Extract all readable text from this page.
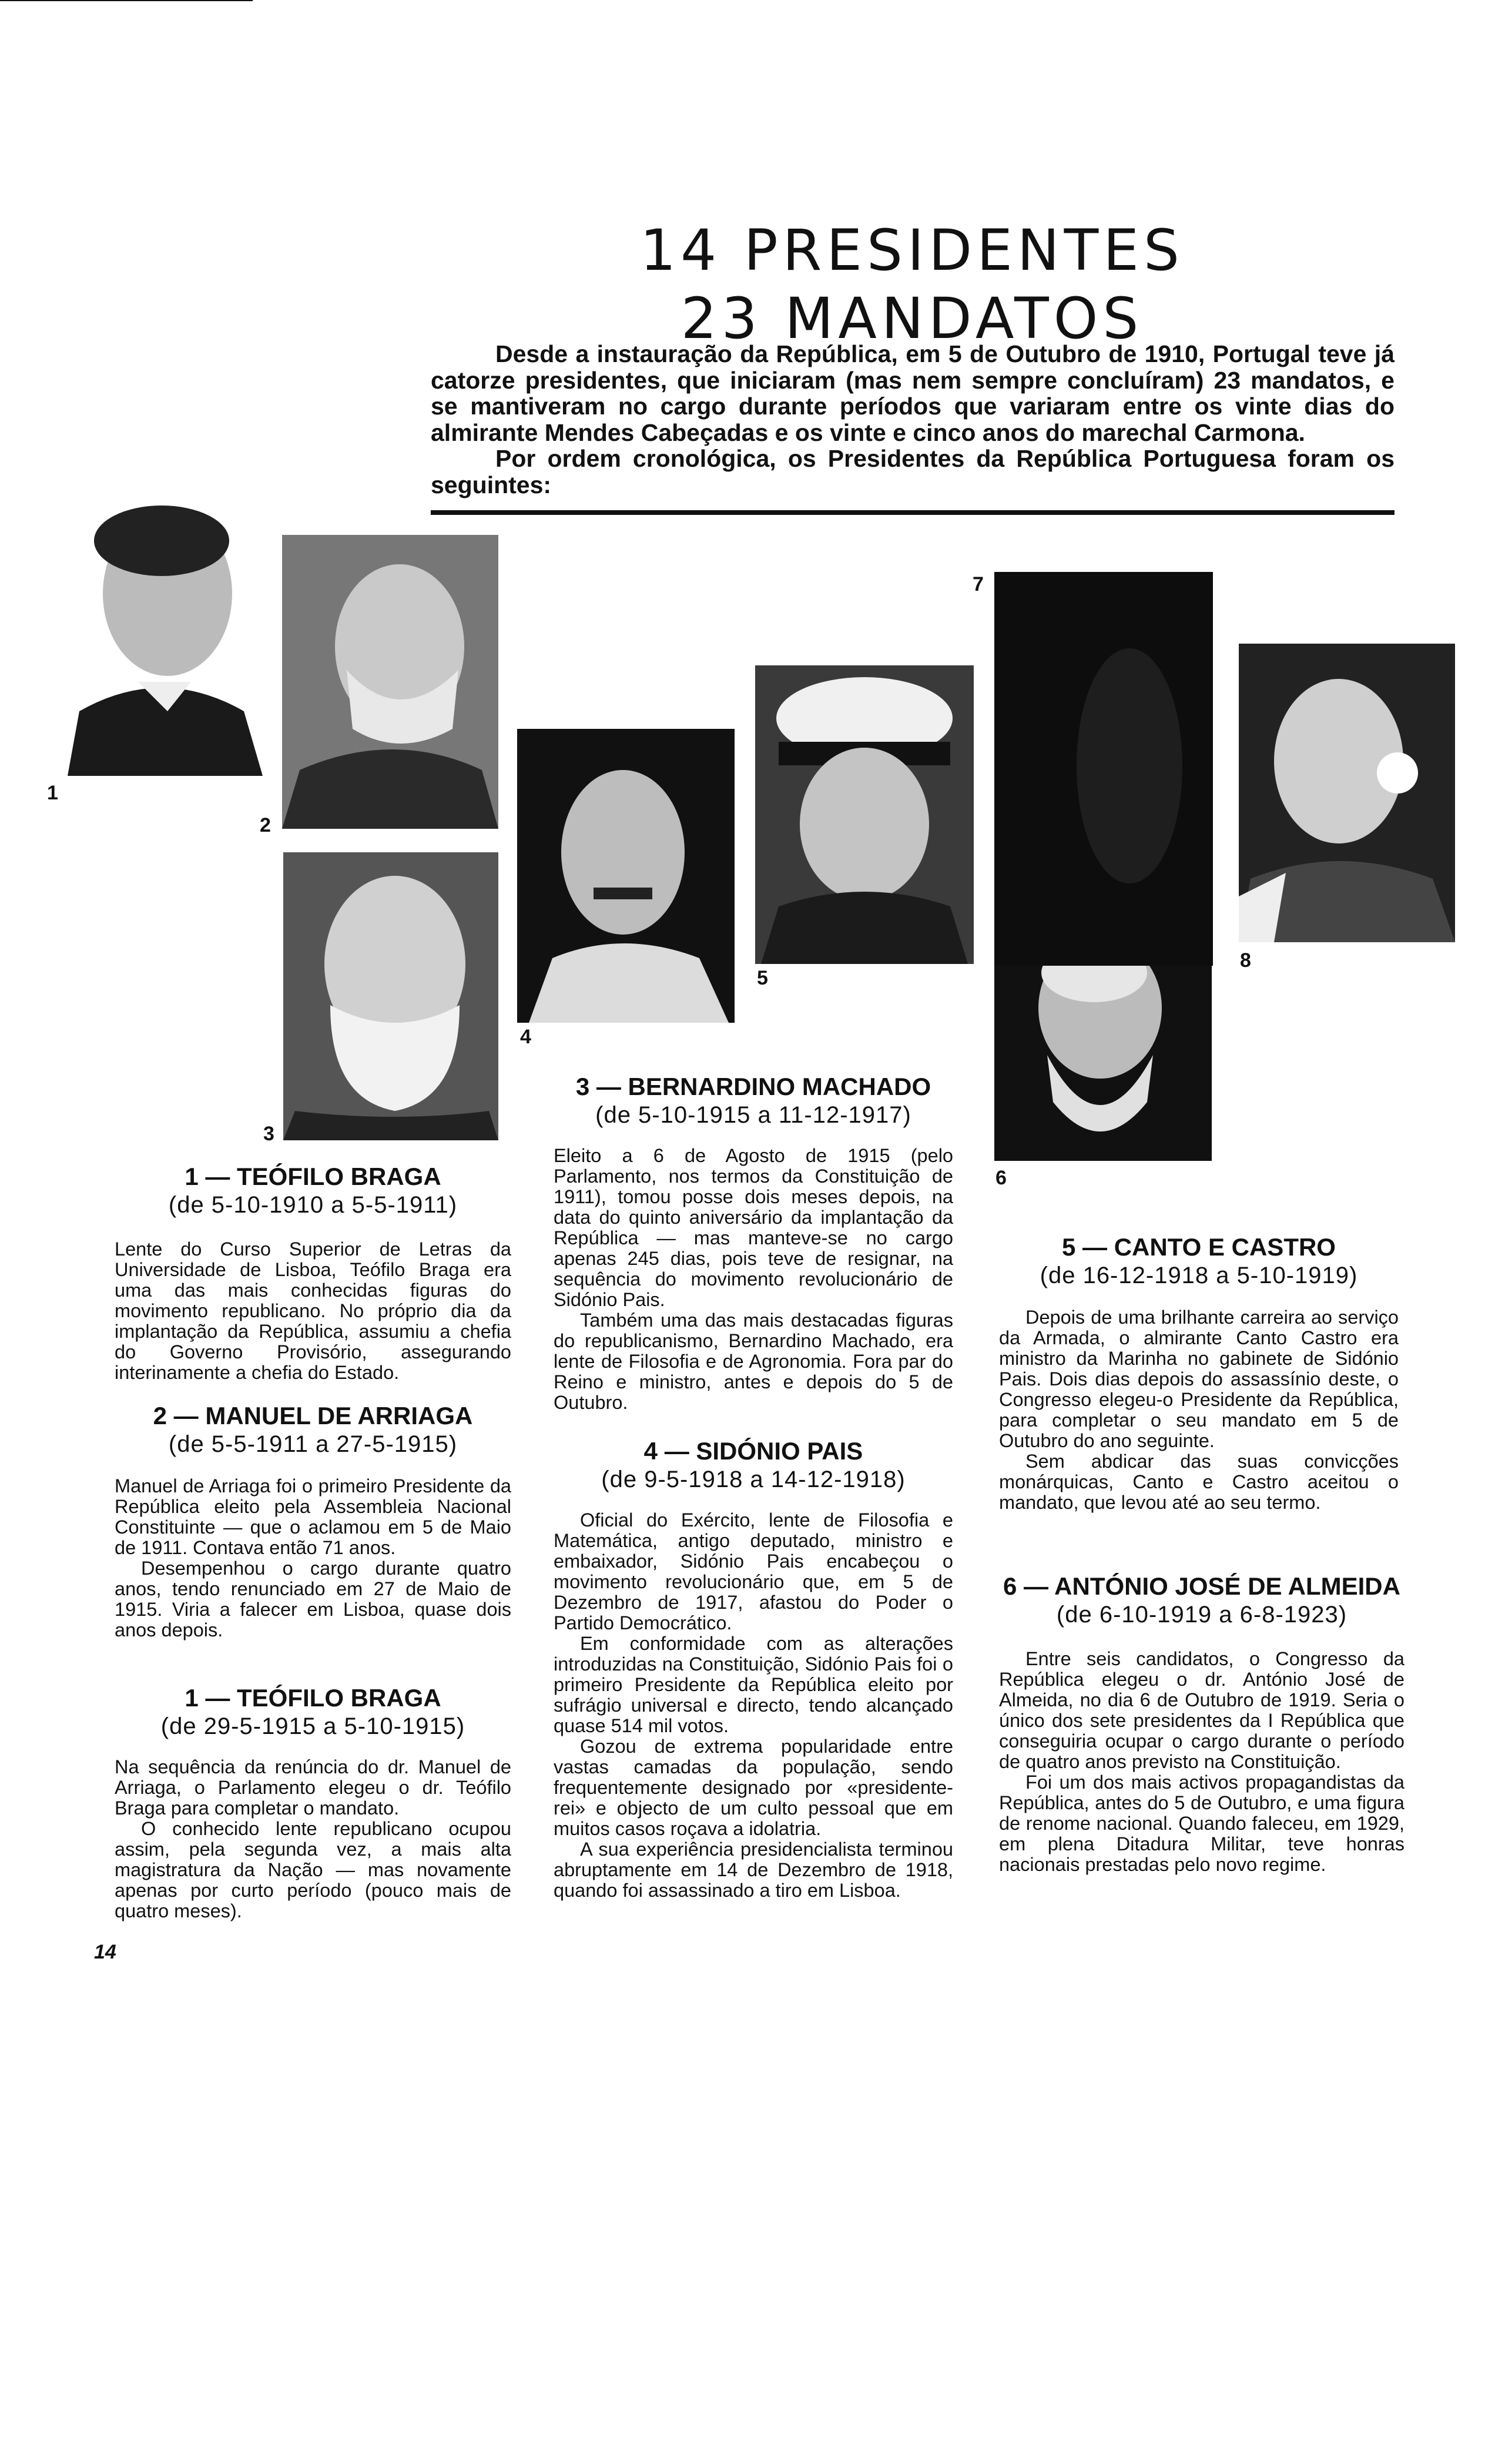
14 PRESIDENTES
23 MANDATOS

Desde a instauração da República, em 5 de Outubro de 1910, Portugal teve já catorze presidentes, que iniciaram (mas nem sempre concluíram) 23 mandatos, e se mantiveram no cargo durante períodos que variaram entre os vinte dias do almirante Mendes Cabeçadas e os vinte e cinco anos do marechal Carmona.

Por ordem cronológica, os Presidentes da República Portuguesa foram os seguintes:

1
2
3
4
5
6
7
8
1 — TEÓFILO BRAGA
(de 5-10-1910 a 5-5-1911)

Lente do Curso Superior de Letras da Universidade de Lisboa, Teófilo Braga era uma das mais conhecidas figuras do movimento republicano. No próprio dia da implantação da República, assumiu a chefia do Governo Provisório, assegurando interinamente a chefia do Estado.

2 — MANUEL DE ARRIAGA
(de 5-5-1911 a 27-5-1915)

Manuel de Arriaga foi o primeiro Presidente da República eleito pela Assembleia Nacional Constituinte — que o aclamou em 5 de Maio de 1911. Contava então 71 anos.

Desempenhou o cargo durante quatro anos, tendo renunciado em 27 de Maio de 1915. Viria a falecer em Lisboa, quase dois anos depois.

1 — TEÓFILO BRAGA
(de 29-5-1915 a 5-10-1915)

Na sequência da renúncia do dr. Manuel de Arriaga, o Parlamento elegeu o dr. Teófilo Braga para completar o mandato.

O conhecido lente republicano ocupou assim, pela segunda vez, a mais alta magistratura da Nação — mas novamente apenas por curto período (pouco mais de quatro meses).

3 — BERNARDINO MACHADO
(de 5-10-1915 a 11-12-1917)

Eleito a 6 de Agosto de 1915 (pelo Parlamento, nos termos da Constituição de 1911), tomou posse dois meses depois, na data do quinto aniversário da implantação da República — mas manteve-se no cargo apenas 245 dias, pois teve de resignar, na sequência do movimento revolucionário de Sidónio Pais.

Também uma das mais destacadas figuras do republicanismo, Bernardino Machado, era lente de Filosofia e de Agronomia. Fora par do Reino e ministro, antes e depois do 5 de Outubro.

4 — SIDÓNIO PAIS
(de 9-5-1918 a 14-12-1918)

Oficial do Exército, lente de Filosofia e Matemática, antigo deputado, ministro e embaixador, Sidónio Pais encabeçou o movimento revolucionário que, em 5 de Dezembro de 1917, afastou do Poder o Partido Democrático.

Em conformidade com as alterações introduzidas na Constituição, Sidónio Pais foi o primeiro Presidente da República eleito por sufrágio universal e directo, tendo alcançado quase 514 mil votos.

Gozou de extrema popularidade entre vastas camadas da população, sendo frequentemente designado por «presidente-rei» e objecto de um culto pessoal que em muitos casos roçava a idolatria.

A sua experiência presidencialista terminou abruptamente em 14 de Dezembro de 1918, quando foi assassinado a tiro em Lisboa.

5 — CANTO E CASTRO
(de 16-12-1918 a 5-10-1919)

Depois de uma brilhante carreira ao serviço da Armada, o almirante Canto Castro era ministro da Marinha no gabinete de Sidónio Pais. Dois dias depois do assassínio deste, o Congresso elegeu-o Presidente da República, para completar o seu mandato em 5 de Outubro do ano seguinte.

Sem abdicar das suas convicções monárquicas, Canto e Castro aceitou o mandato, que levou até ao seu termo.

6 — ANTÓNIO JOSÉ DE ALMEIDA
(de 6-10-1919 a 6-8-1923)

Entre seis candidatos, o Congresso da República elegeu o dr. António José de Almeida, no dia 6 de Outubro de 1919. Seria o único dos sete presidentes da I República que conseguiria ocupar o cargo durante o período de quatro anos previsto na Constituição.

Foi um dos mais activos propagandistas da República, antes do 5 de Outubro, e uma figura de renome nacional. Quando faleceu, em 1929, em plena Ditadura Militar, teve honras nacionais prestadas pelo novo regime.

14
